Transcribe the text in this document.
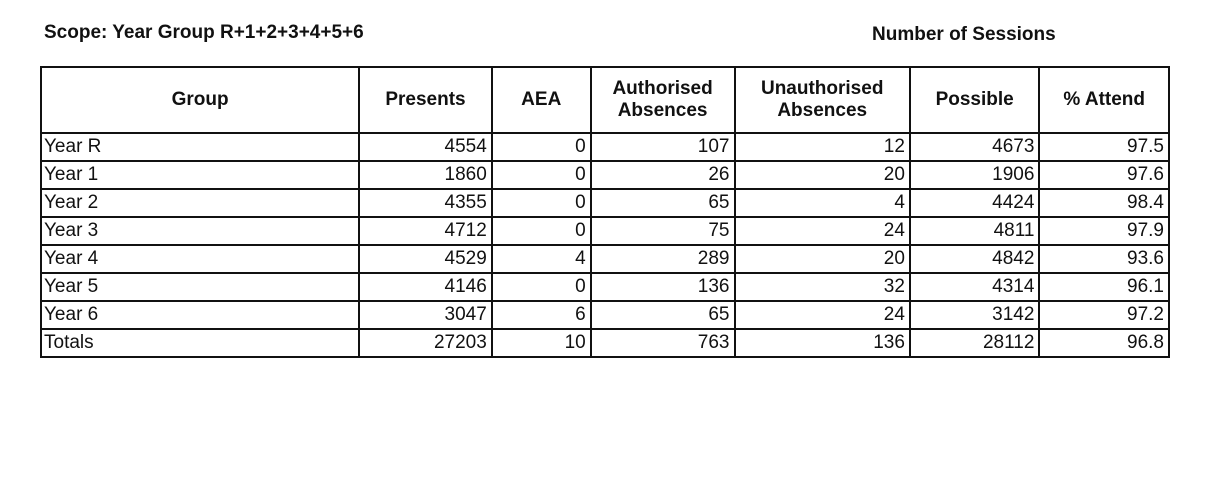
Scope: Year Group R+1+2+3+4+5+6	Number of Sessions
Group	Presents	AEA	Authorised Absences	Unauthorised Absences	Possible	% Attend
Year R	4554	0	107	12	4673	97.5
Year 1	1860	0	26	20	1906	97.6
Year 2	4355	0	65	4	4424	98.4
Year 3	4712	0	75	24	4811	97.9
Year 4	4529	4	289	20	4842	93.6
Year 5	4146	0	136	32	4314	96.1
Year 6	3047	6	65	24	3142	97.2
Totals	27203	10	763	136	28112	96.8
